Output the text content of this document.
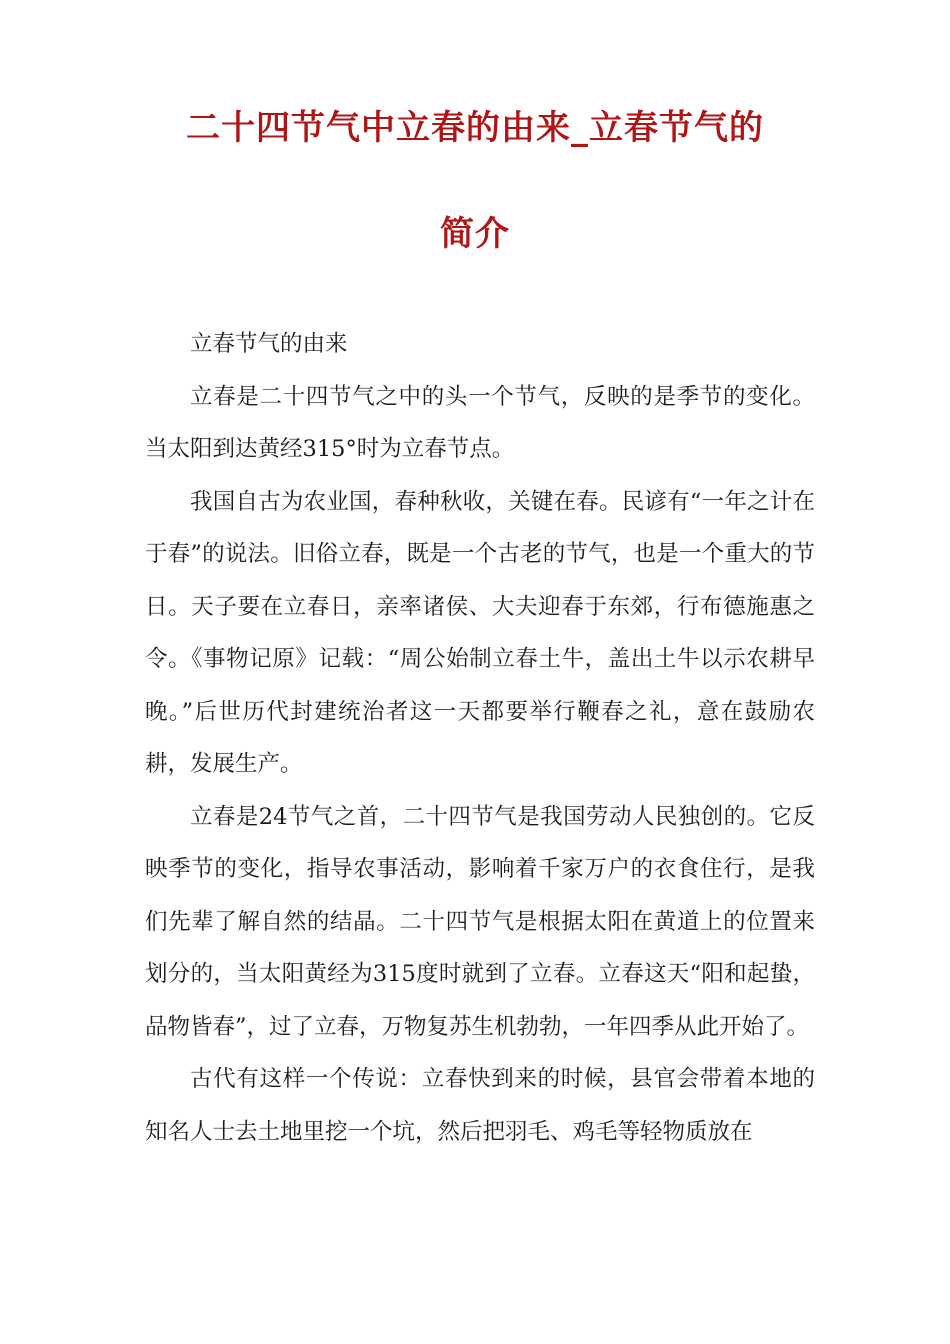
二十四节气中立春的由来_立春节气的
简介

立春节气的由来

立春是二十四节气之中的头一个节气，反映的是季节的变化。当太阳到达黄经315°时为立春节点。

我国自古为农业国，春种秋收，关键在春。民谚有“一年之计在于春”的说法。旧俗立春，既是一个古老的节气，也是一个重大的节日。天子要在立春日，亲率诸侯、大夫迎春于东郊，行布德施惠之令。《事物记原》记载：“周公始制立春土牛，盖出土牛以示农耕早晚。”后世历代封建统治者这一天都要举行鞭春之礼，意在鼓励农耕，发展生产。

立春是24节气之首，二十四节气是我国劳动人民独创的。它反映季节的变化，指导农事活动，影响着千家万户的衣食住行，是我们先辈了解自然的结晶。二十四节气是根据太阳在黄道上的位置来划分的，当太阳黄经为315度时就到了立春。立春这天“阳和起蛰，品物皆春”，过了立春，万物复苏生机勃勃，一年四季从此开始了。

古代有这样一个传说：立春快到来的时候，县官会带着本地的知名人士去土地里挖一个坑，然后把羽毛、鸡毛等轻物质放在
